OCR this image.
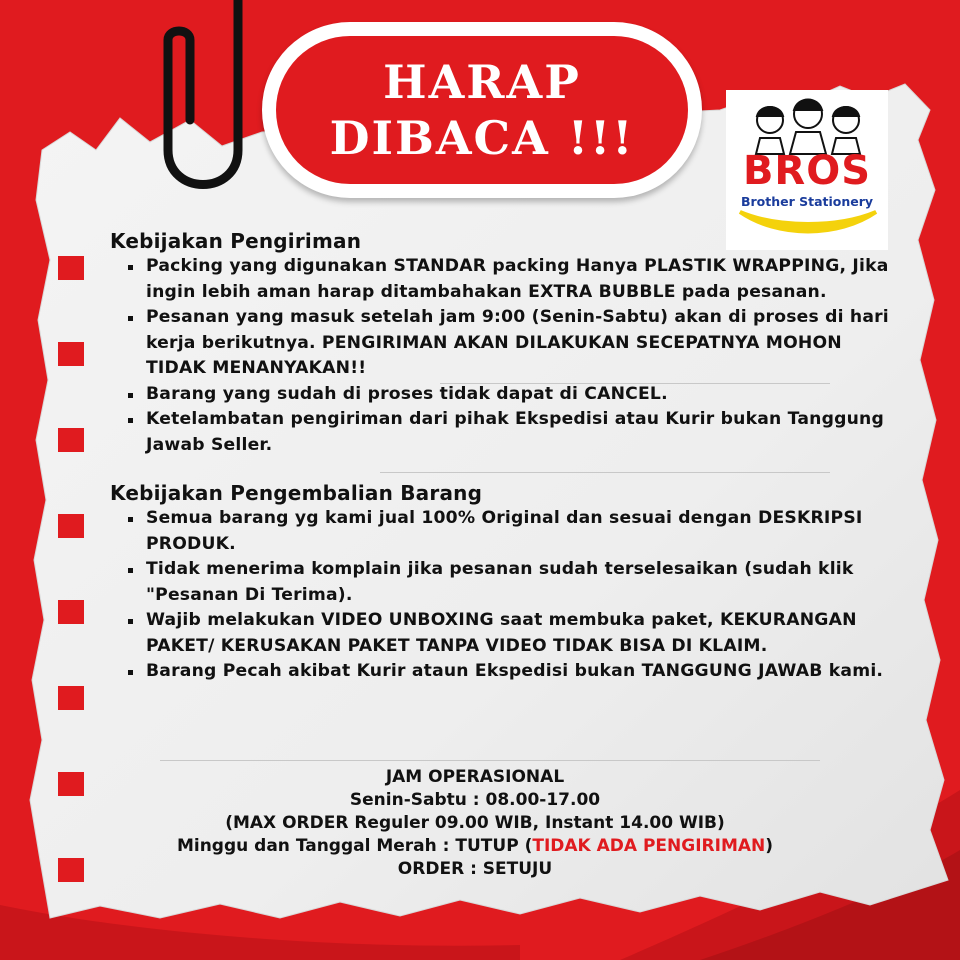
HARAP
DIBACA !!!
BROS
Brother Stationery
Kebijakan Pengiriman
Packing yang digunakan STANDAR packing Hanya PLASTIK WRAPPING, Jika ingin lebih aman harap ditambahakan EXTRA BUBBLE pada pesanan.
Pesanan yang masuk setelah jam 9:00 (Senin-Sabtu) akan di proses di hari kerja berikutnya. PENGIRIMAN AKAN DILAKUKAN SECEPATNYA MOHON TIDAK MENANYAKAN!!
Barang yang sudah di proses tidak dapat di CANCEL.
Ketelambatan pengiriman dari pihak Ekspedisi atau Kurir bukan Tanggung Jawab Seller.
Kebijakan Pengembalian Barang
Semua barang yg kami jual 100% Original dan sesuai dengan DESKRIPSI PRODUK.
Tidak menerima komplain jika pesanan sudah terselesaikan (sudah klik "Pesanan Di Terima).
Wajib melakukan VIDEO UNBOXING saat membuka paket, KEKURANGAN PAKET/ KERUSAKAN PAKET TANPA VIDEO TIDAK BISA DI KLAIM.
Barang Pecah akibat Kurir ataun Ekspedisi bukan TANGGUNG JAWAB kami.
JAM OPERASIONAL
Senin-Sabtu : 08.00-17.00
(MAX ORDER Reguler 09.00 WIB, Instant 14.00 WIB)
Minggu dan Tanggal Merah : TUTUP (TIDAK ADA PENGIRIMAN)
ORDER : SETUJU
